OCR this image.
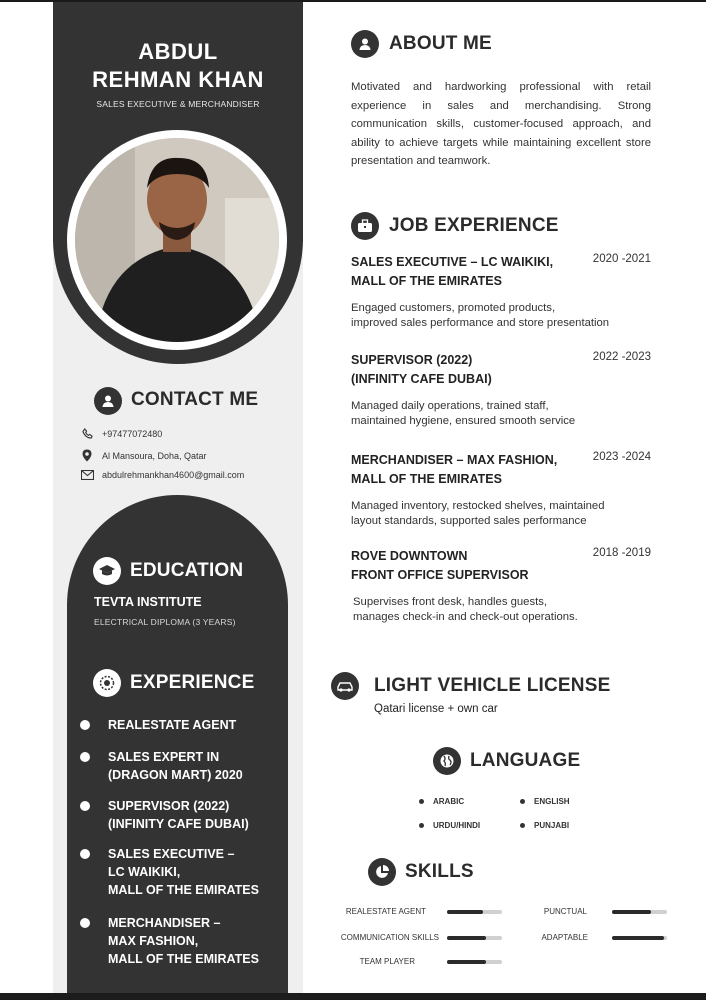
ABDUL
REHMAN KHAN
SALES EXECUTIVE & MERCHANDISER
CONTACT ME
+97477072480
Al Mansoura, Doha, Qatar
abdulrehmankhan4600@gmail.com
EDUCATION
TEVTA INSTITUTE
ELECTRICAL DIPLOMA (3 YEARS)
EXPERIENCE
REALESTATE AGENT
SALES EXPERT IN
(DRAGON MART) 2020
SUPERVISOR (2022)
(INFINITY CAFE DUBAI)
SALES EXECUTIVE –
LC WAIKIKI,
MALL OF THE EMIRATES
MERCHANDISER –
MAX FASHION,
MALL OF THE EMIRATES
ABOUT ME
Motivated and hardworking professional with retail experience in sales and merchandising. Strong communication skills, customer-focused approach, and ability to achieve targets while maintaining excellent store presentation and teamwork.
JOB EXPERIENCE
SALES EXECUTIVE – LC WAIKIKI,
MALL OF THE EMIRATES
2020 -2021
Engaged customers, promoted products,
improved sales performance and store presentation
SUPERVISOR (2022)
(INFINITY CAFE DUBAI)
2022 -2023
Managed daily operations, trained staff,
maintained hygiene, ensured smooth service
MERCHANDISER – MAX FASHION,
MALL OF THE EMIRATES
2023 -2024
Managed inventory, restocked shelves, maintained
layout standards, supported sales performance
ROVE DOWNTOWN
FRONT OFFICE SUPERVISOR
2018 -2019
Supervises front desk, handles guests,
manages check-in and check-out operations.
LIGHT VEHICLE LICENSE
Qatari license + own car
LANGUAGE
ARABIC	ENGLISH
URDU/HINDI	PUNJABI
SKILLS
REALESTATE AGENT	PUNCTUAL
COMMUNICATION SKILLS	ADAPTABLE
TEAM PLAYER
